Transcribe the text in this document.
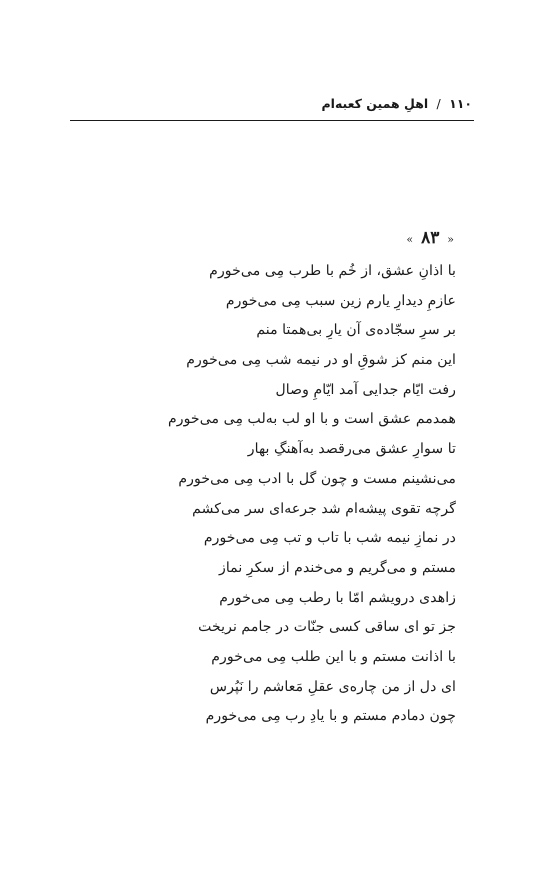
۱۱۰ / اهلِ همین کعبه‌ام
« ۸۳ »
با اذانِ عشق، از خُم با طرب مِی می‌خورم
عازمِ دیدارِ یارم زین سبب مِی می‌خورم
بر سرِ سجّاده‌ی آن یارِ بی‌همتا منم
این منم کز شوقِ او در نیمه شب مِی می‌خورم
رفت ایّام جدایی آمد ایّامِ وصال
همدمم عشق است و با او لب به‌لب مِی می‌خورم
تا سوارِ عشق می‌رقصد به‌آهنگِ بهار
می‌نشینم مست و چون گل با ادب مِی می‌خورم
گرچه تقوی پیشه‌ام شد جرعه‌ای سر می‌کشم
در نمازِ نیمه شب با تاب و تب مِی می‌خورم
مستم و می‌گریم و می‌خندم از سکرِ نماز
زاهدی درویشم امّا با رطب مِی می‌خورم
جز تو ای ساقی کسی جنّات در جامم نریخت
با اذانت مستم و با این طلب مِی می‌خورم
ای دل از من چاره‌ی عقلِ مَعاشم را نَپُرس
چون دمادم مستم و با یادِ رب مِی می‌خورم
